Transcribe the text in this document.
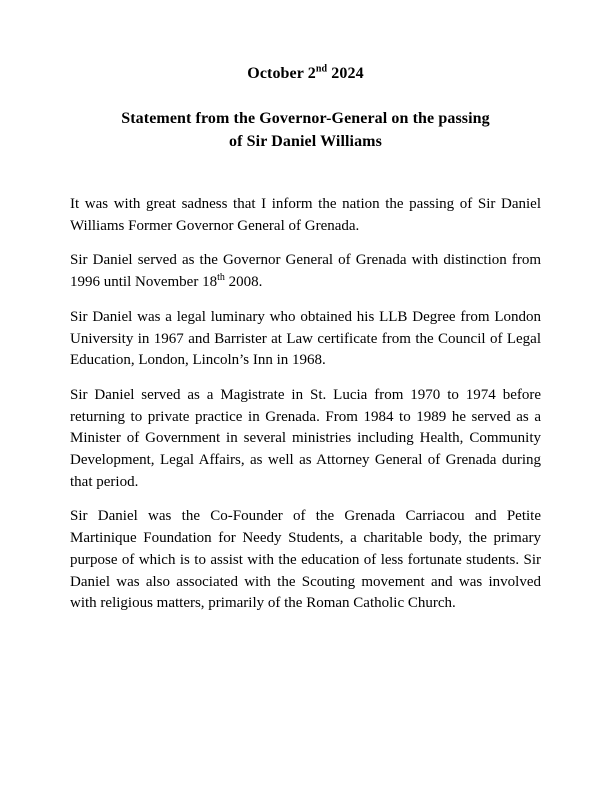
October 2nd 2024
Statement from the Governor-General on the passing
of Sir Daniel Williams

It was with great sadness that I inform the nation the passing of Sir Daniel Williams Former Governor General of Grenada.

Sir Daniel served as the Governor General of Grenada with distinction from 1996 until November 18th 2008.

Sir Daniel was a legal luminary who obtained his LLB Degree from London University in 1967 and Barrister at Law certificate from the Council of Legal Education, London, Lincoln’s Inn in 1968.

Sir Daniel served as a Magistrate in St. Lucia from 1970 to 1974 before returning to private practice in Grenada. From 1984 to 1989 he served as a Minister of Government in several ministries including Health, Community Development, Legal Affairs, as well as Attorney General of Grenada during that period.

Sir Daniel was the Co-Founder of the Grenada Carriacou and Petite Martinique Foundation for Needy Students, a charitable body, the primary purpose of which is to assist with the education of less fortunate students. Sir Daniel was also associated with the Scouting movement and was involved with religious matters, primarily of the Roman Catholic Church.
